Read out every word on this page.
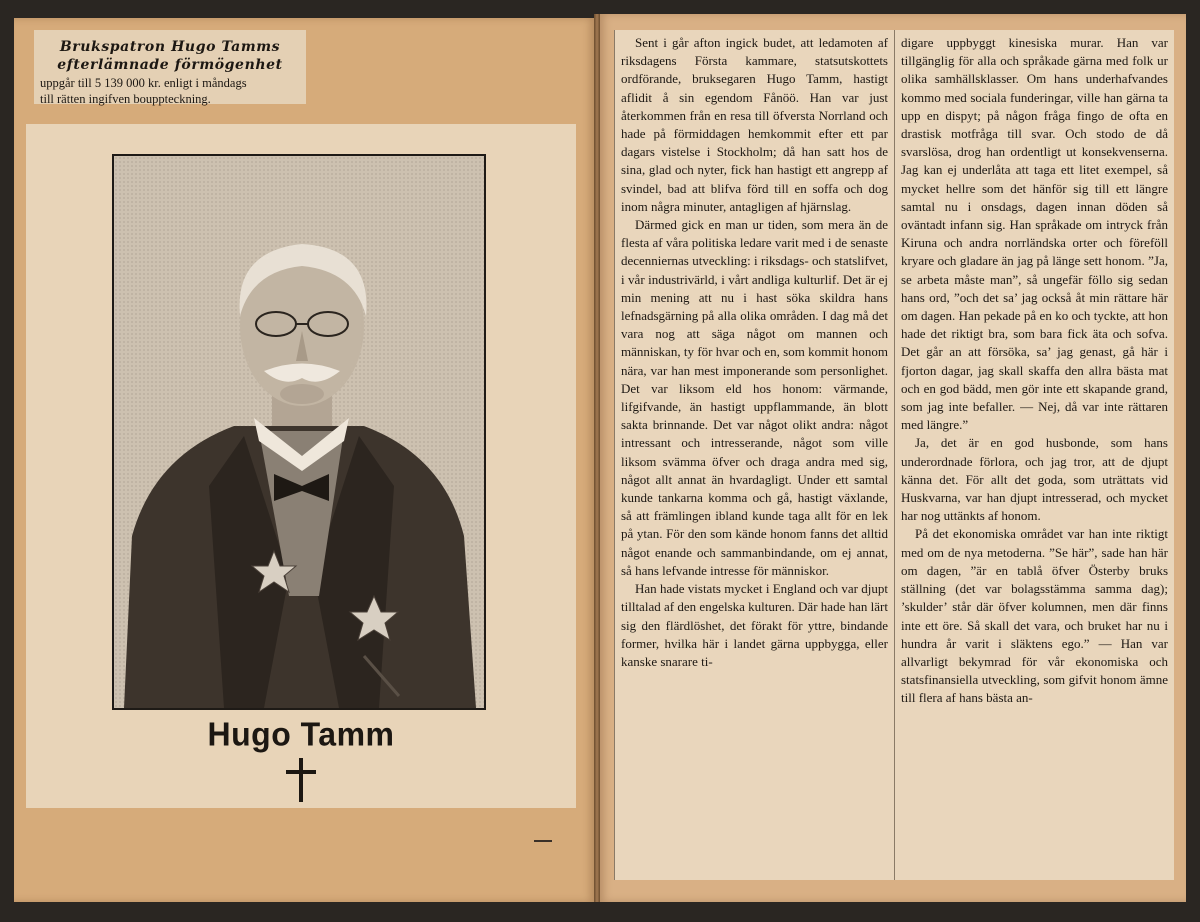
Brukspatron Hugo Tamms
efterlämnade förmögenhet
uppgår till 5 139 000 kr. enligt i måndags
till rätten ingifven bouppteckning.
Hugo Tamm

Sent i går afton ingick budet, att ledamoten af riksdagens Första kammare, statsutskottets ordförande, bruksegaren Hugo Tamm, hastigt aflidit å sin egendom Fånöö. Han var just återkommen från en resa till öfversta Norrland och hade på förmiddagen hemkommit efter ett par dagars vistelse i Stockholm; då han satt hos de sina, glad och nyter, fick han hastigt ett angrepp af svindel, bad att blifva förd till en soffa och dog inom några minuter, antagligen af hjärnslag.

Därmed gick en man ur tiden, som mera än de flesta af våra politiska ledare varit med i de senaste decenniernas utveckling: i riksdags- och statslifvet, i vår industrivärld, i vårt andliga kulturlif. Det är ej min mening att nu i hast söka skildra hans lefnadsgärning på alla olika områden. I dag må det vara nog att säga något om mannen och människan, ty för hvar och en, som kommit honom nära, var han mest imponerande som personlighet. Det var liksom eld hos honom: värmande, lifgifvande, än hastigt uppflammande, än blott sakta brinnande. Det var något olikt andra: något intressant och intresserande, något som ville liksom svämma öfver och draga andra med sig, något allt annat än hvardagligt. Under ett samtal kunde tankarna komma och gå, hastigt växlande, så att främlingen ibland kunde taga allt för en lek på ytan. För den som kände honom fanns det alltid något enande och sammanbindande, om ej annat, så hans lefvande intresse för människor.

Han hade vistats mycket i England och var djupt tilltalad af den engelska kulturen. Där hade han lärt sig den flärdlöshet, det förakt för yttre, bindande former, hvilka här i landet gärna uppbygga, eller kanske snarare ti-

digare uppbyggt kinesiska murar. Han var tillgänglig för alla och språkade gärna med folk ur olika samhällsklasser. Om hans underhafvandes kommo med sociala funderingar, ville han gärna ta upp en dispyt; på någon fråga fingo de ofta en drastisk motfråga till svar. Och stodo de då svarslösa, drog han ordentligt ut konsekvenserna. Jag kan ej underlåta att taga ett litet exempel, så mycket hellre som det hänför sig till ett längre samtal nu i onsdags, dagen innan döden så oväntadt infann sig. Han språkade om intryck från Kiruna och andra norrländska orter och föreföll kryare och gladare än jag på länge sett honom. ”Ja, se arbeta måste man”, så ungefär föllo sig sedan hans ord, ”och det sa’ jag också åt min rättare här om dagen. Han pekade på en ko och tyckte, att hon hade det riktigt bra, som bara fick äta och sofva. Det går an att försöka, sa’ jag genast, gå här i fjorton dagar, jag skall skaffa den allra bästa mat och en god bädd, men gör inte ett skapande grand, som jag inte befaller. — Nej, då var inte rättaren med längre.”

Ja, det är en god husbonde, som hans underordnade förlora, och jag tror, att de djupt känna det. För allt det goda, som uträttats vid Huskvarna, var han djupt intresserad, och mycket har nog uttänkts af honom.

På det ekonomiska området var han inte riktigt med om de nya metoderna. ”Se här”, sade han här om dagen, ”är en tablå öfver Österby bruks ställning (det var bolagsstämma samma dag); ’skulder’ står där öfver kolumnen, men där finns inte ett öre. Så skall det vara, och bruket har nu i hundra år varit i släktens ego.” — Han var allvarligt bekymrad för vår ekonomiska och statsfinansiella utveckling, som gifvit honom ämne till flera af hans bästa an-
